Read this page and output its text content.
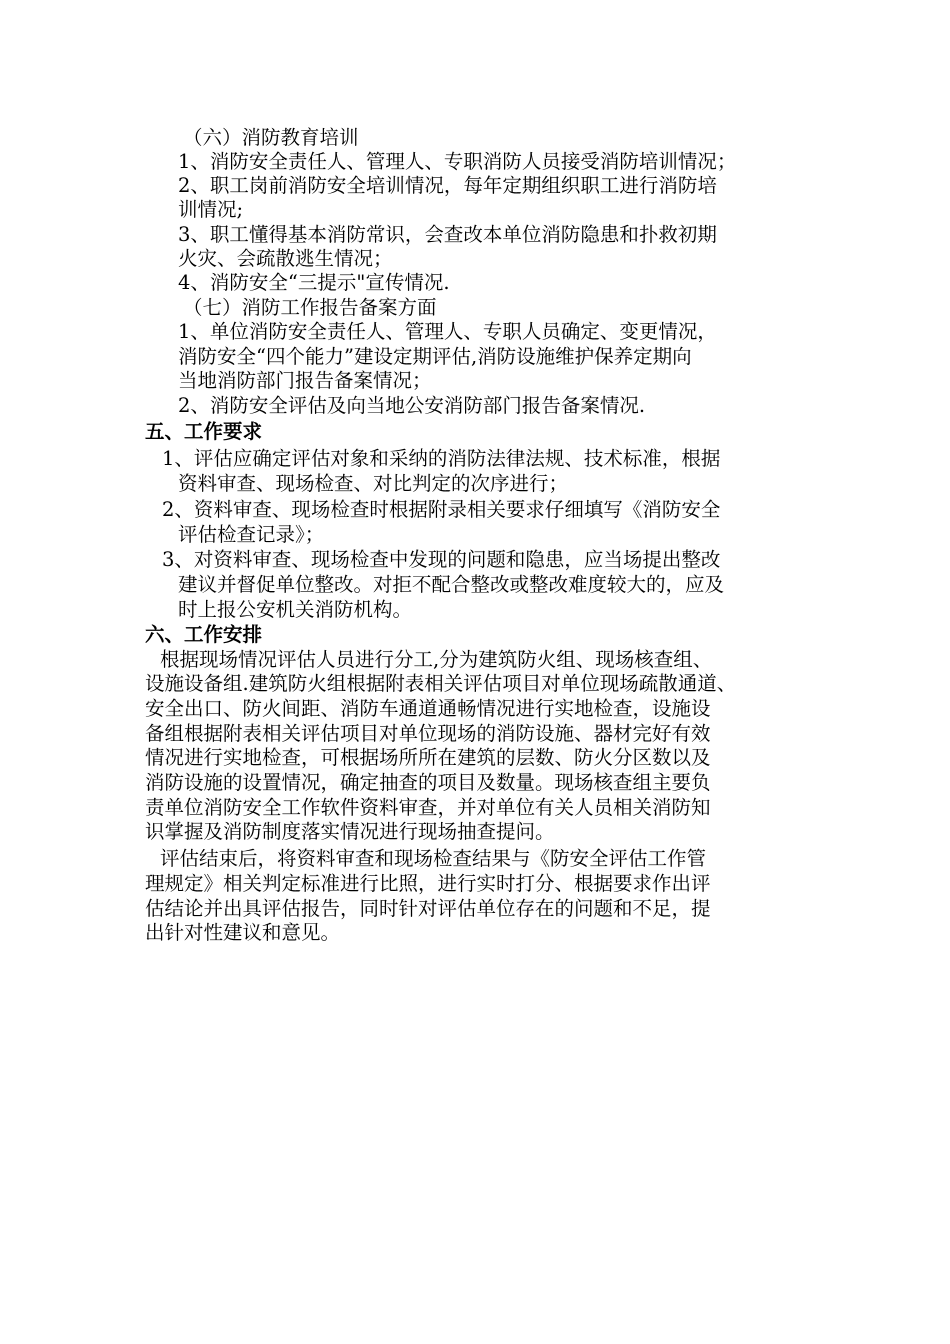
（六）消防教育培训
1、消防安全责任人、管理人、专职消防人员接受消防培训情况；
2、职工岗前消防安全培训情况，每年定期组织职工进行消防培
训情况;
3、职工懂得基本消防常识，会查改本单位消防隐患和扑救初期
火灾、会疏散逃生情况；
4、消防安全“三提示"宣传情况.
（七）消防工作报告备案方面
1、单位消防安全责任人、管理人、专职人员确定、变更情况，
消防安全“四个能力”建设定期评估,消防设施维护保养定期向
当地消防部门报告备案情况；
2、消防安全评估及向当地公安消防部门报告备案情况.
五、工作要求
1、评估应确定评估对象和采纳的消防法律法规、技术标准，根据
资料审查、现场检查、对比判定的次序进行；
2、资料审查、现场检查时根据附录相关要求仔细填写《消防安全
评估检查记录》；
3、对资料审查、现场检查中发现的问题和隐患，应当场提出整改
建议并督促单位整改。对拒不配合整改或整改难度较大的，应及
时上报公安机关消防机构。
六、工作安排
根据现场情况评估人员进行分工,分为建筑防火组、现场核查组、
设施设备组.建筑防火组根据附表相关评估项目对单位现场疏散通道、
安全出口、防火间距、消防车通道通畅情况进行实地检查，设施设
备组根据附表相关评估项目对单位现场的消防设施、器材完好有效
情况进行实地检查，可根据场所所在建筑的层数、防火分区数以及
消防设施的设置情况，确定抽查的项目及数量。现场核查组主要负
责单位消防安全工作软件资料审查，并对单位有关人员相关消防知
识掌握及消防制度落实情况进行现场抽查提问。
评估结束后，将资料审查和现场检查结果与《防安全评估工作管
理规定》相关判定标准进行比照，进行实时打分、根据要求作出评
估结论并出具评估报告，同时针对评估单位存在的问题和不足，提
出针对性建议和意见。
